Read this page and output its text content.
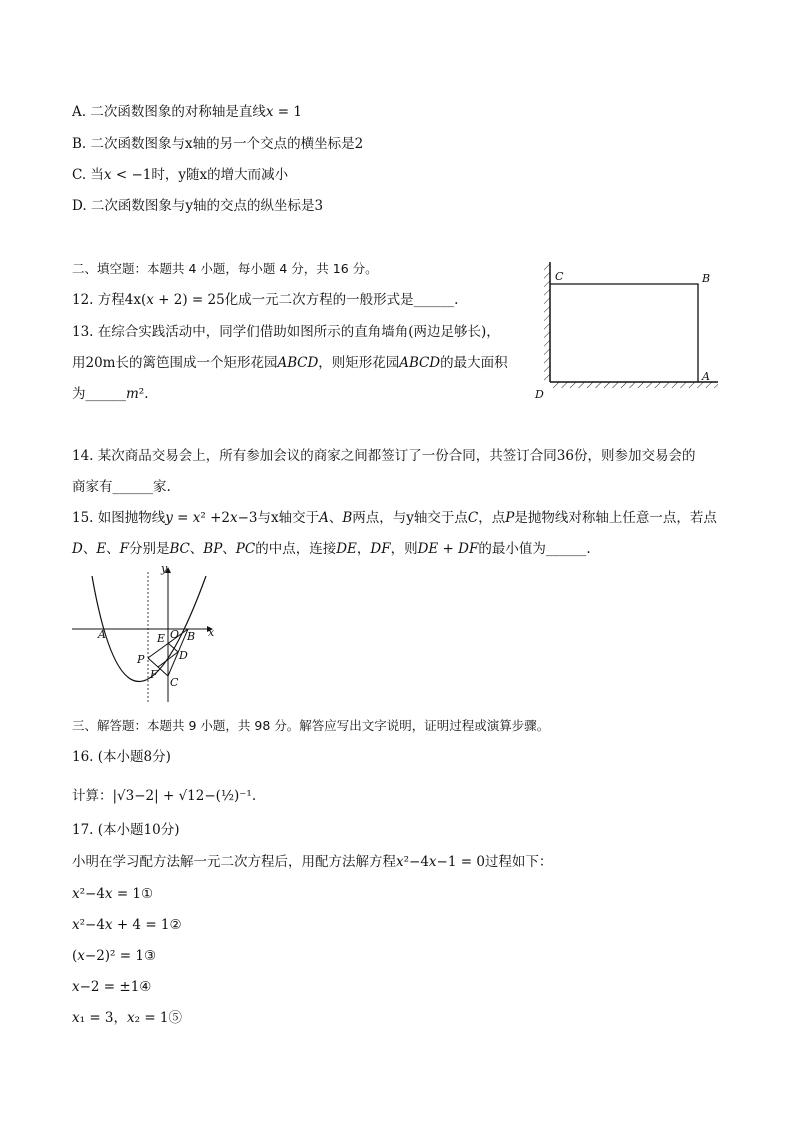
A. 二次函数图象的对称轴是直线𝑥 = 1
B. 二次函数图象与x轴的另一个交点的横坐标是2
C. 当𝑥 < −1时，y随x的增大而减小
D. 二次函数图象与y轴的交点的纵坐标是3
二、填空题：本题共 4 小题，每小题 4 分，共 16 分。
12. 方程4x(𝑥 + 2) = 25化成一元二次方程的一般形式是______.
13. 在综合实践活动中，同学们借助如图所示的直角墙角(两边足够长)，
用20m长的篱笆围成一个矩形花园𝐴𝐵𝐶𝐷，则矩形花园𝐴𝐵𝐶𝐷的最大面积
为______𝑚².
C	B
D
A
14. 某次商品交易会上，所有参加会议的商家之间都签订了一份合同，共签订合同36份，则参加交易会的
商家有______家.
15. 如图抛物线𝑦 = 𝑥² +2𝑥−3与x轴交于𝐴、𝐵两点，与y轴交于点𝐶，点𝑃是抛物线对称轴上任意一点，若点
𝐷、𝐸、𝐹分别是𝐵𝐶、𝐵𝑃、𝑃𝐶的中点，连接𝐷𝐸，𝐷𝐹，则𝐷𝐸 + 𝐷𝐹的最小值为______.
y
x
A	O B
E
D
P
F
C
三、解答题：本题共 9 小题，共 98 分。解答应写出文字说明，证明过程或演算步骤。
16. (本小题8分)
计算：|√3−2| + √12−(½)⁻¹.
17. (本小题10分)
小明在学习配方法解一元二次方程后，用配方法解方程𝑥²−4𝑥−1 = 0过程如下：
𝑥²−4𝑥 = 1①
𝑥²−4𝑥 + 4 = 1②
(𝑥−2)² = 1③
𝑥−2 = ±1④
𝑥₁ = 3，𝑥₂ = 1⑤
